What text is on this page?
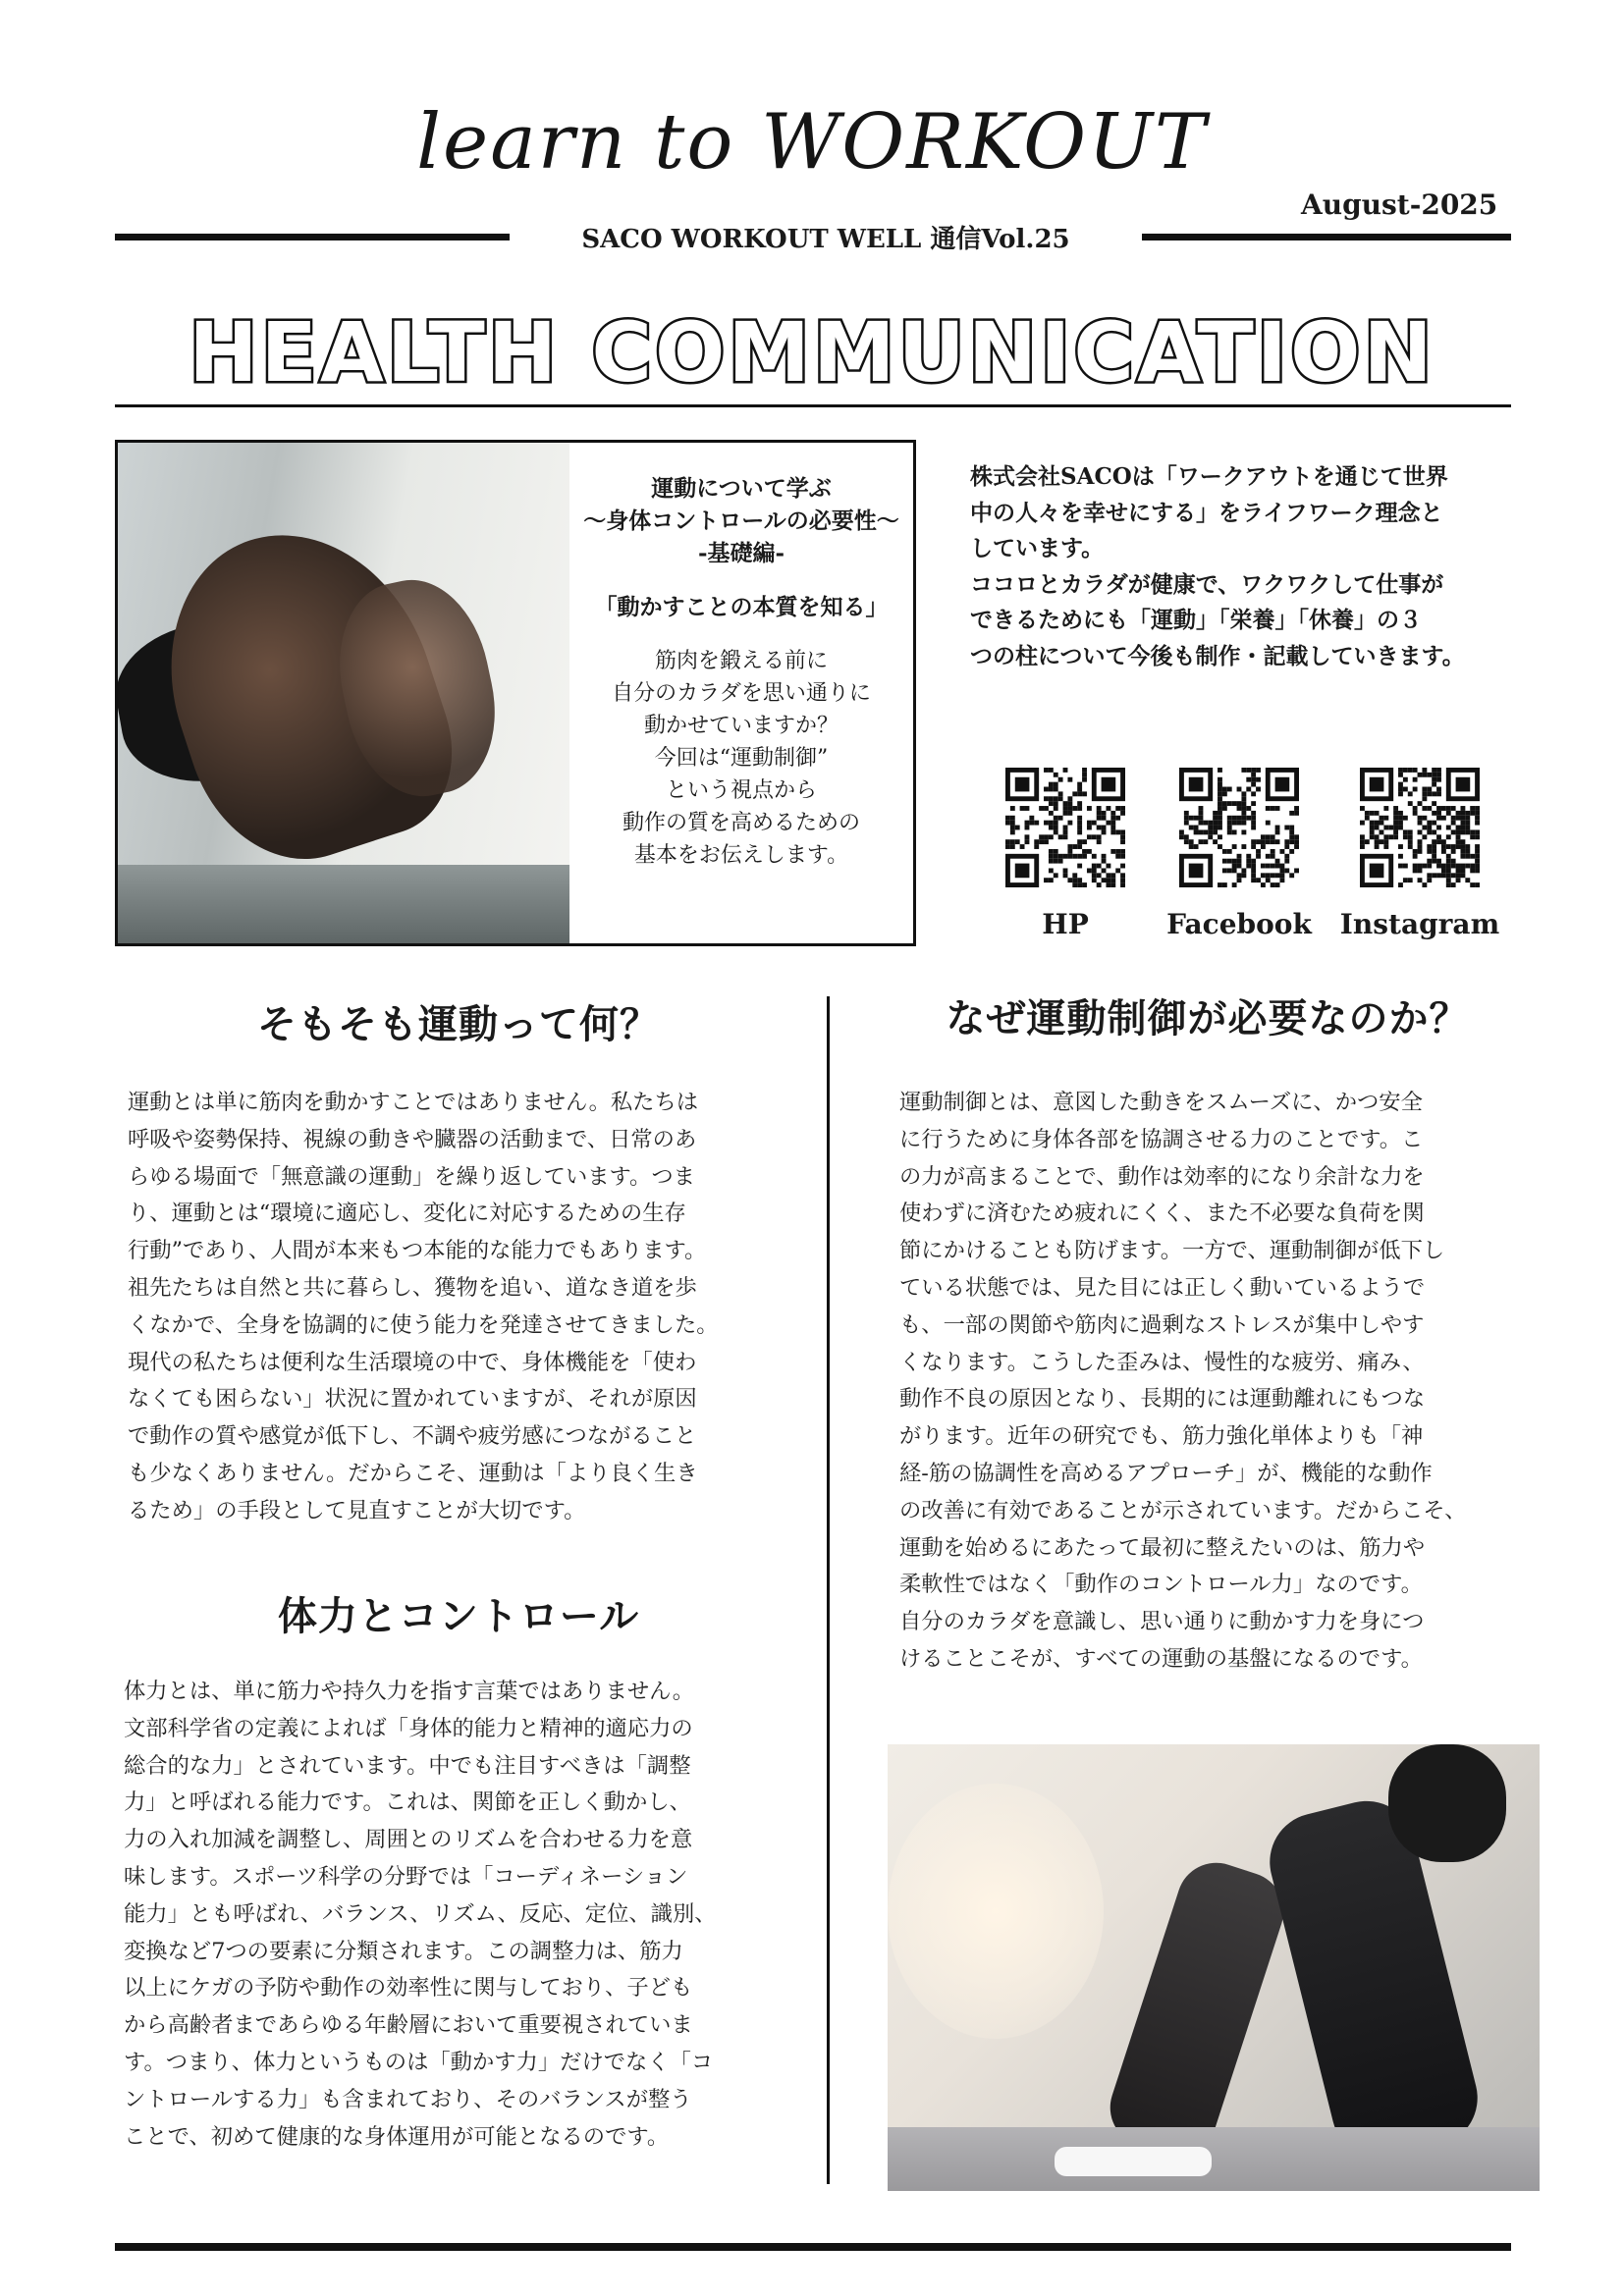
learn to WORKOUT
August-2025
SACO WORKOUT WELL 通信Vol.25
HEALTH COMMUNICATION
運動について学ぶ
〜身体コントロールの必要性〜
-基礎編-
「動かすことの本質を知る」
筋肉を鍛える前に
自分のカラダを思い通りに
動かせていますか？
今回は“運動制御”
という視点から
動作の質を高めるための
基本をお伝えします。
株式会社SACOは「ワークアウトを通じて世界
中の人々を幸せにする」をライフワーク理念と
しています。
ココロとカラダが健康で、ワクワクして仕事が
できるためにも「運動」「栄養」「休養」の３
つの柱について今後も制作・記載していきます。
HP	Facebook	Instagram
そもそも運動って何？

運動とは単に筋肉を動かすことではありません。私たちは

呼吸や姿勢保持、視線の動きや臓器の活動まで、日常のあ

らゆる場面で「無意識の運動」を繰り返しています。つま

り、運動とは“環境に適応し、変化に対応するための生存

行動”であり、人間が本来もつ本能的な能力でもあります。

祖先たちは自然と共に暮らし、獲物を追い、道なき道を歩

くなかで、全身を協調的に使う能力を発達させてきました。

現代の私たちは便利な生活環境の中で、身体機能を「使わ

なくても困らない」状況に置かれていますが、それが原因

で動作の質や感覚が低下し、不調や疲労感につながること

も少なくありません。だからこそ、運動は「より良く生き

るため」の手段として見直すことが大切です。

体力とコントロール

体力とは、単に筋力や持久力を指す言葉ではありません。

文部科学省の定義によれば「身体的能力と精神的適応力の

総合的な力」とされています。中でも注目すべきは「調整

力」と呼ばれる能力です。これは、関節を正しく動かし、

力の入れ加減を調整し、周囲とのリズムを合わせる力を意

味します。スポーツ科学の分野では「コーディネーション

能力」とも呼ばれ、バランス、リズム、反応、定位、識別、

変換など7つの要素に分類されます。この調整力は、筋力

以上にケガの予防や動作の効率性に関与しており、子ども

から高齢者まであらゆる年齢層において重要視されていま

す。つまり、体力というものは「動かす力」だけでなく「コ

ントロールする力」も含まれており、そのバランスが整う

ことで、初めて健康的な身体運用が可能となるのです。

なぜ運動制御が必要なのか？

運動制御とは、意図した動きをスムーズに、かつ安全

に行うために身体各部を協調させる力のことです。こ

の力が高まることで、動作は効率的になり余計な力を

使わずに済むため疲れにくく、また不必要な負荷を関

節にかけることも防げます。一方で、運動制御が低下し

ている状態では、見た目には正しく動いているようで

も、一部の関節や筋肉に過剰なストレスが集中しやす

くなります。こうした歪みは、慢性的な疲労、痛み、

動作不良の原因となり、長期的には運動離れにもつな

がります。近年の研究でも、筋力強化単体よりも「神

経-筋の協調性を高めるアプローチ」が、機能的な動作

の改善に有効であることが示されています。だからこそ、

運動を始めるにあたって最初に整えたいのは、筋力や

柔軟性ではなく「動作のコントロール力」なのです。

自分のカラダを意識し、思い通りに動かす力を身につ

けることこそが、すべての運動の基盤になるのです。
